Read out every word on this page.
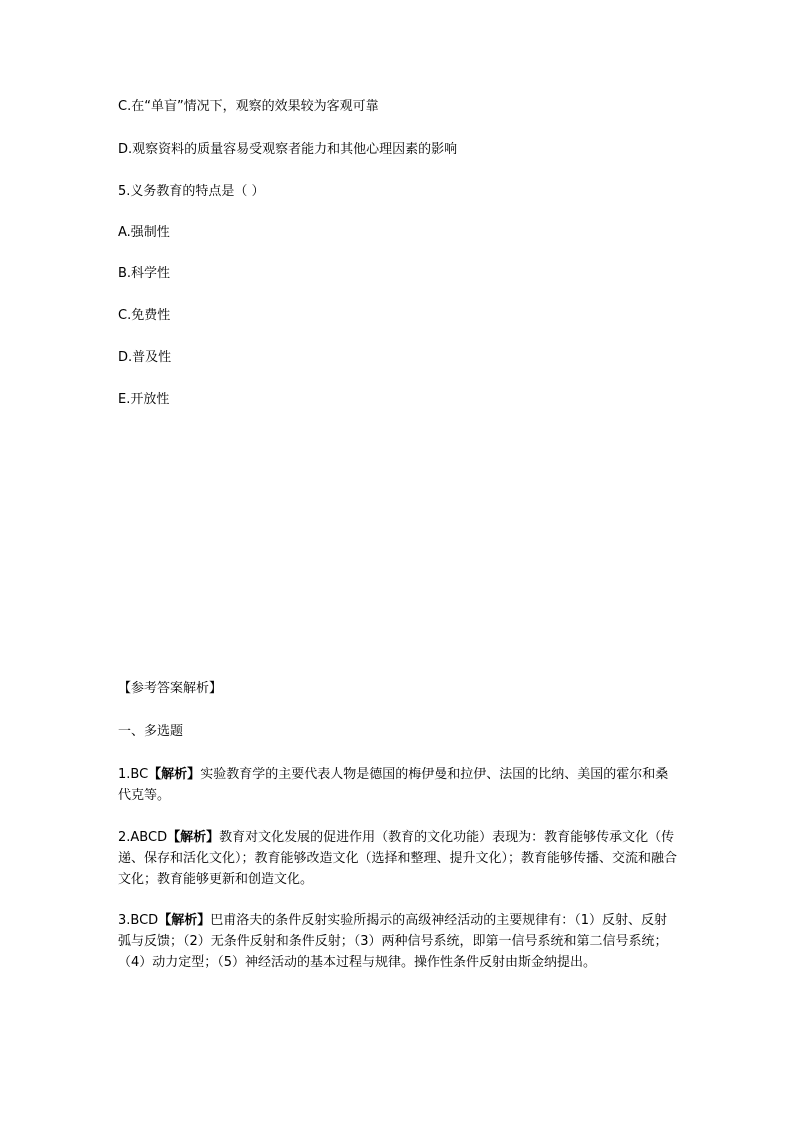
C.在“单盲”情况下，观察的效果较为客观可靠
D.观察资料的质量容易受观察者能力和其他心理因素的影响
5.义务教育的特点是（ ）
A.强制性
B.科学性
C.免费性
D.普及性
E.开放性
【参考答案解析】
一、多选题
1.BC【解析】实验教育学的主要代表人物是德国的梅伊曼和拉伊、法国的比纳、美国的霍尔和桑代克等。
2.ABCD【解析】教育对文化发展的促进作用（教育的文化功能）表现为：教育能够传承文化（传递、保存和活化文化）；教育能够改造文化（选择和整理、提升文化）；教育能够传播、交流和融合文化；教育能够更新和创造文化。
3.BCD【解析】巴甫洛夫的条件反射实验所揭示的高级神经活动的主要规律有：（1）反射、反射弧与反馈；（2）无条件反射和条件反射；（3）两种信号系统，即第一信号系统和第二信号系统；（4）动力定型；（5）神经活动的基本过程与规律。操作性条件反射由斯金纳提出。
